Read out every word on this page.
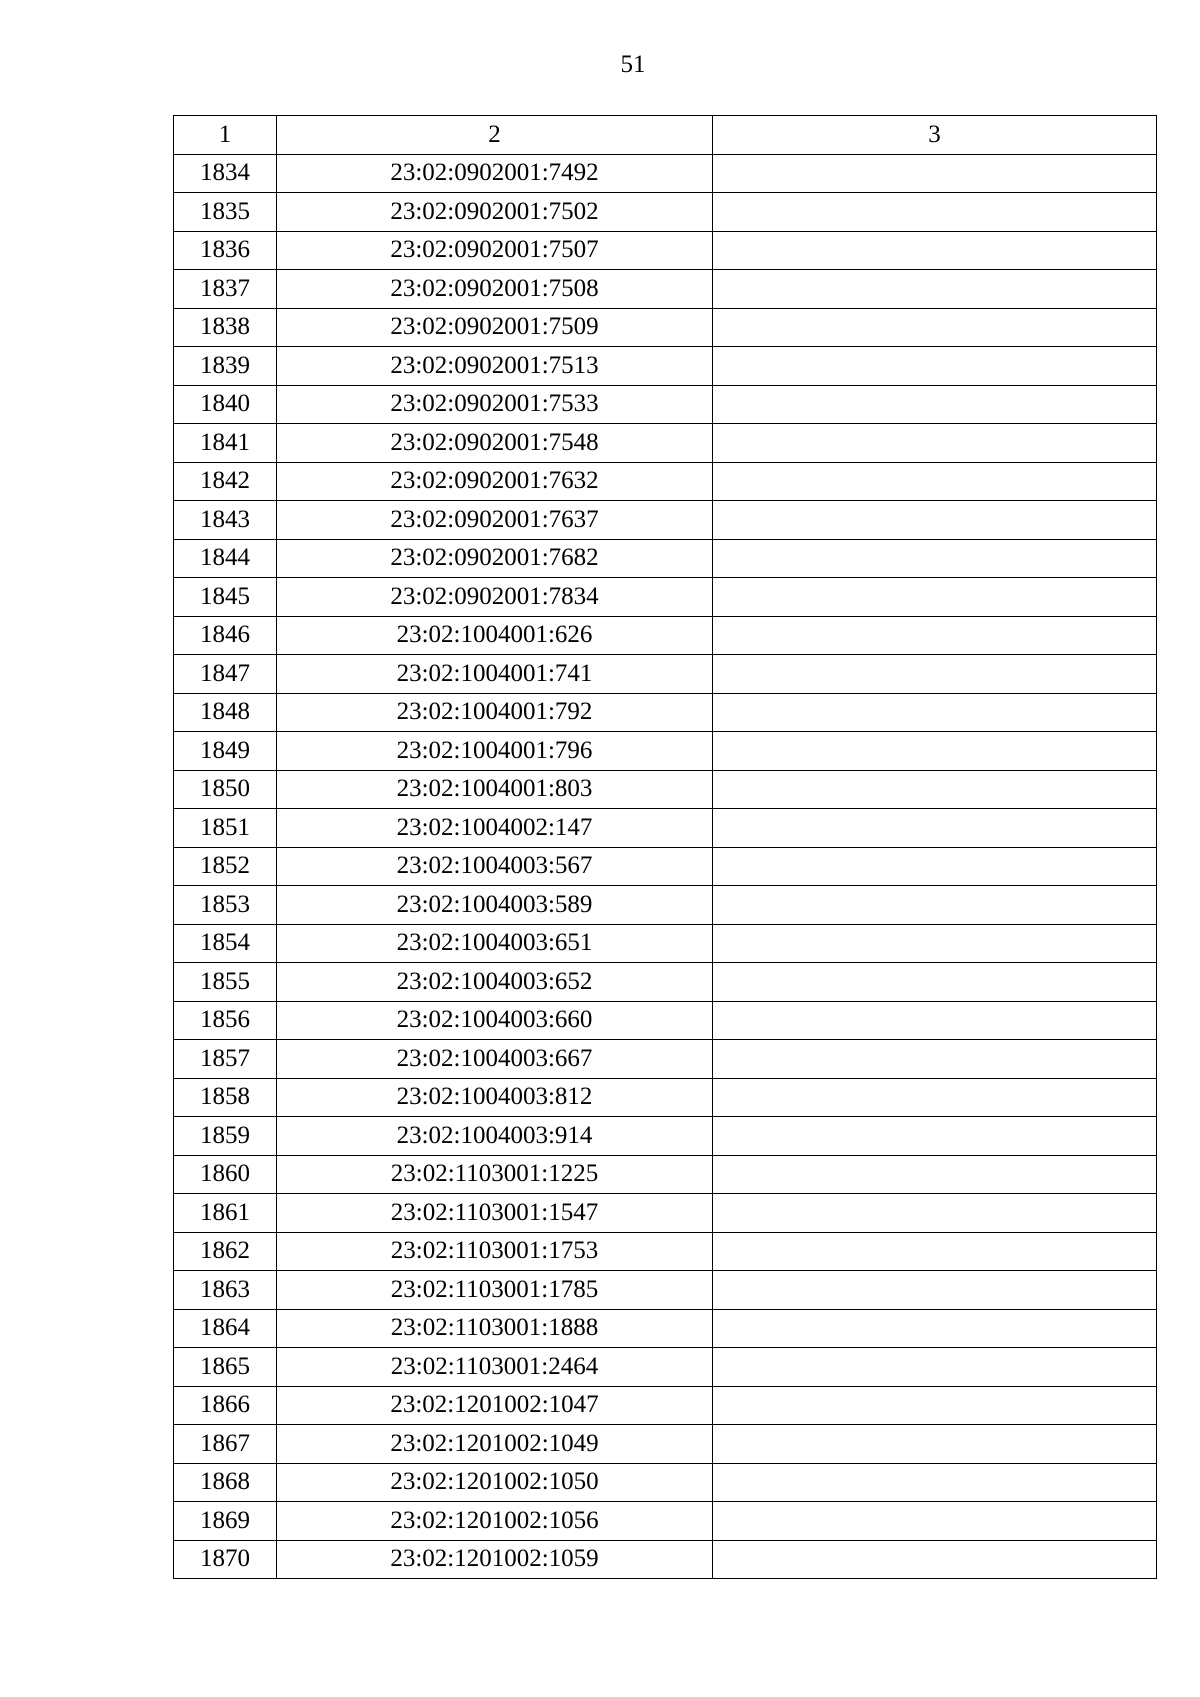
51
1	2	3
1834	23:02:0902001:7492	
1835	23:02:0902001:7502	
1836	23:02:0902001:7507	
1837	23:02:0902001:7508	
1838	23:02:0902001:7509	
1839	23:02:0902001:7513	
1840	23:02:0902001:7533	
1841	23:02:0902001:7548	
1842	23:02:0902001:7632	
1843	23:02:0902001:7637	
1844	23:02:0902001:7682	
1845	23:02:0902001:7834	
1846	23:02:1004001:626	
1847	23:02:1004001:741	
1848	23:02:1004001:792	
1849	23:02:1004001:796	
1850	23:02:1004001:803	
1851	23:02:1004002:147	
1852	23:02:1004003:567	
1853	23:02:1004003:589	
1854	23:02:1004003:651	
1855	23:02:1004003:652	
1856	23:02:1004003:660	
1857	23:02:1004003:667	
1858	23:02:1004003:812	
1859	23:02:1004003:914	
1860	23:02:1103001:1225	
1861	23:02:1103001:1547	
1862	23:02:1103001:1753	
1863	23:02:1103001:1785	
1864	23:02:1103001:1888	
1865	23:02:1103001:2464	
1866	23:02:1201002:1047	
1867	23:02:1201002:1049	
1868	23:02:1201002:1050	
1869	23:02:1201002:1056	
1870	23:02:1201002:1059	
